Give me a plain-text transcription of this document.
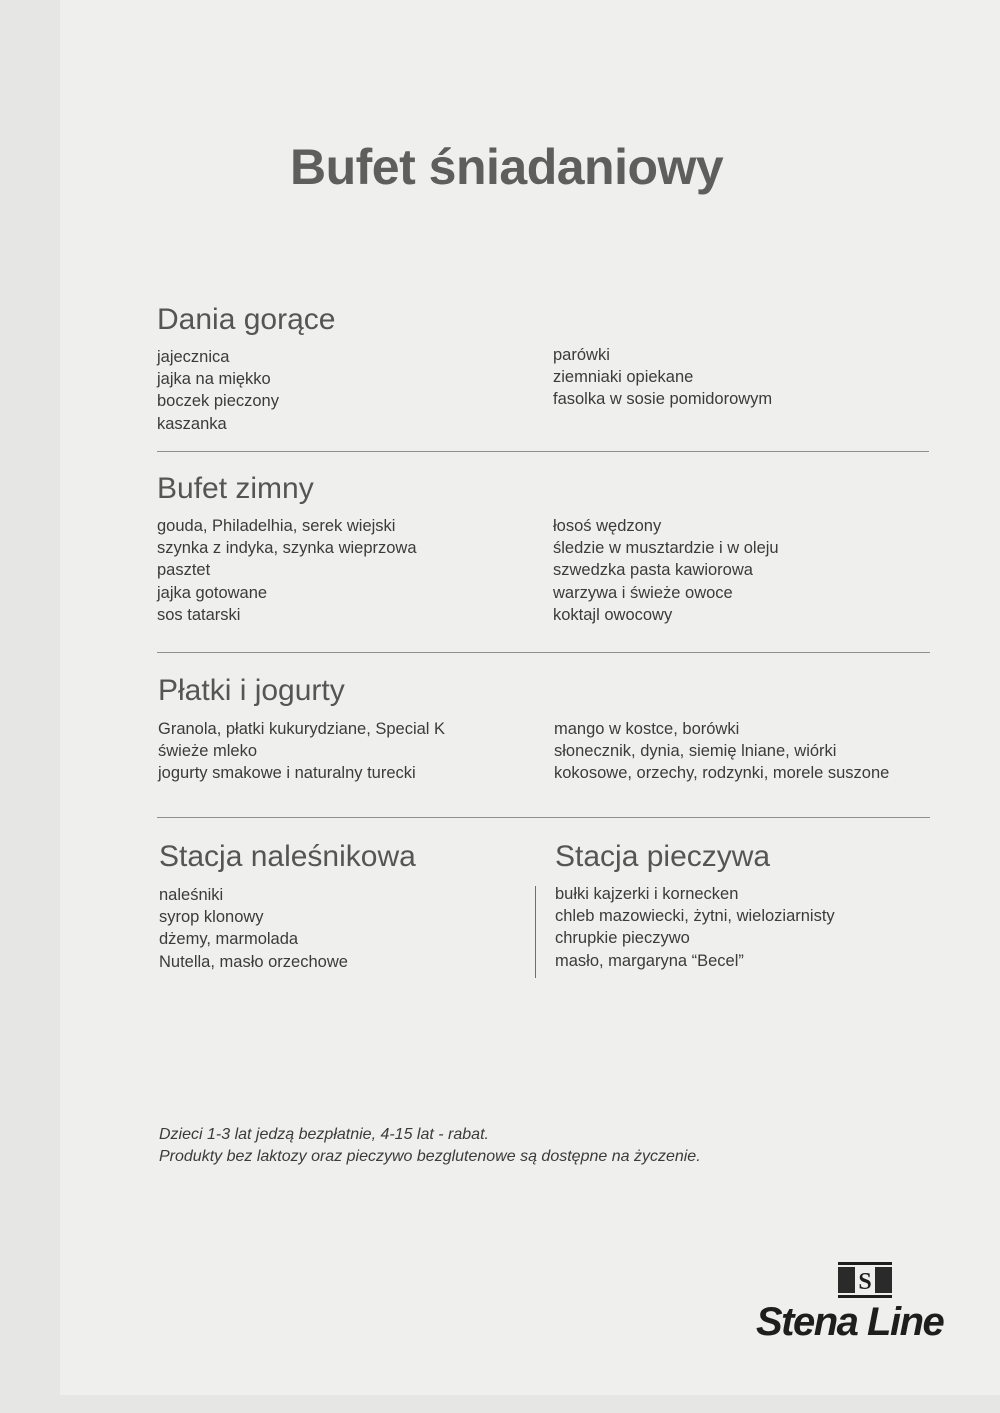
Bufet śniadaniowy
Dania gorące
jajecznica
jajka na miękko
boczek pieczony
kaszanka
parówki
ziemniaki opiekane
fasolka w sosie pomidorowym
Bufet zimny
gouda, Philadelhia, serek wiejski
szynka z indyka, szynka wieprzowa
pasztet
jajka gotowane
sos tatarski
łosoś wędzony
śledzie w musztardzie i w oleju
szwedzka pasta kawiorowa
warzywa i świeże owoce
koktajl owocowy
Płatki i jogurty
Granola, płatki kukurydziane, Special K
świeże mleko
jogurty smakowe i naturalny turecki
mango w kostce, borówki
słonecznik, dynia, siemię lniane, wiórki
kokosowe, orzechy, rodzynki, morele suszone
Stacja naleśnikowa
naleśniki
syrop klonowy
dżemy, marmolada
Nutella, masło orzechowe
Stacja pieczywa
bułki kajzerki i kornecken
chleb mazowiecki, żytni, wieloziarnisty
chrupkie pieczywo
masło, margaryna “Becel”
Dzieci 1-3 lat jedzą bezpłatnie, 4-15 lat - rabat.
Produkty bez laktozy oraz pieczywo bezglutenowe są dostępne na życzenie.
S
Stena Line
